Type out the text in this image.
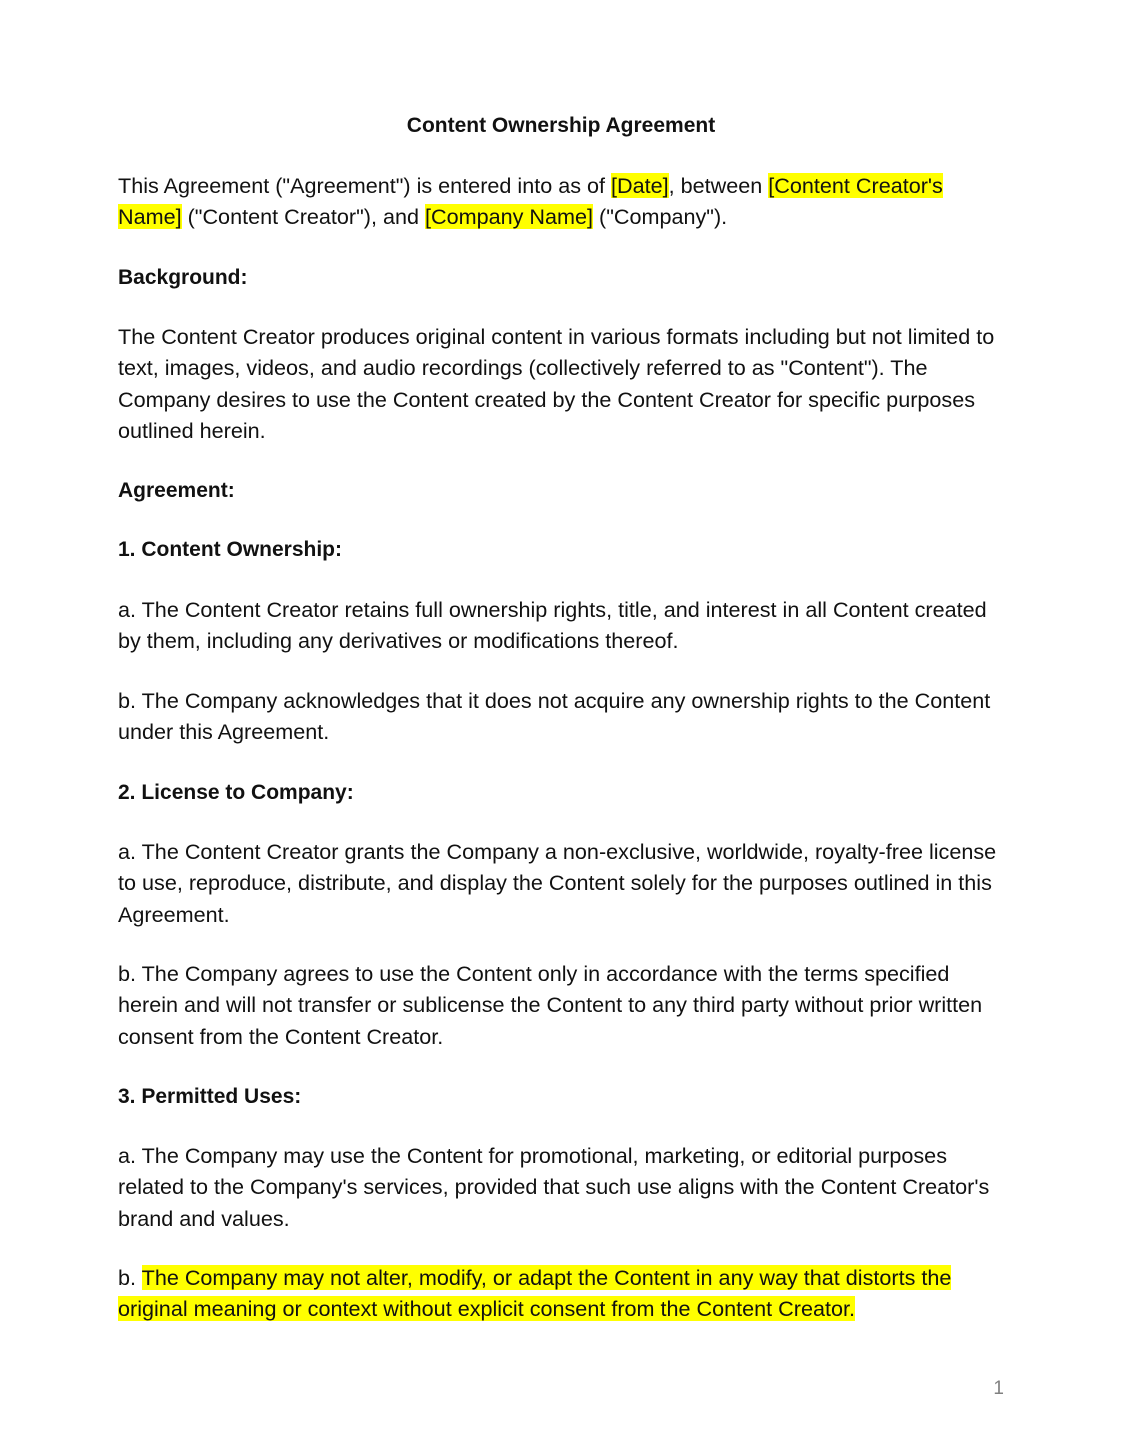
Content Ownership Agreement
This Agreement ("Agreement") is entered into as of [Date], between [Content Creator's Name] ("Content Creator"), and [Company Name] ("Company").
Background:
The Content Creator produces original content in various formats including but not limited to text, images, videos, and audio recordings (collectively referred to as "Content"). The Company desires to use the Content created by the Content Creator for specific purposes outlined herein.
Agreement:
1. Content Ownership:
a. The Content Creator retains full ownership rights, title, and interest in all Content created by them, including any derivatives or modifications thereof.
b. The Company acknowledges that it does not acquire any ownership rights to the Content under this Agreement.
2. License to Company:
a. The Content Creator grants the Company a non-exclusive, worldwide, royalty-free license to use, reproduce, distribute, and display the Content solely for the purposes outlined in this Agreement.
b. The Company agrees to use the Content only in accordance with the terms specified herein and will not transfer or sublicense the Content to any third party without prior written consent from the Content Creator.
3. Permitted Uses:
a. The Company may use the Content for promotional, marketing, or editorial purposes related to the Company's services, provided that such use aligns with the Content Creator's brand and values.
b. The Company may not alter, modify, or adapt the Content in any way that distorts the original meaning or context without explicit consent from the Content Creator.
1
